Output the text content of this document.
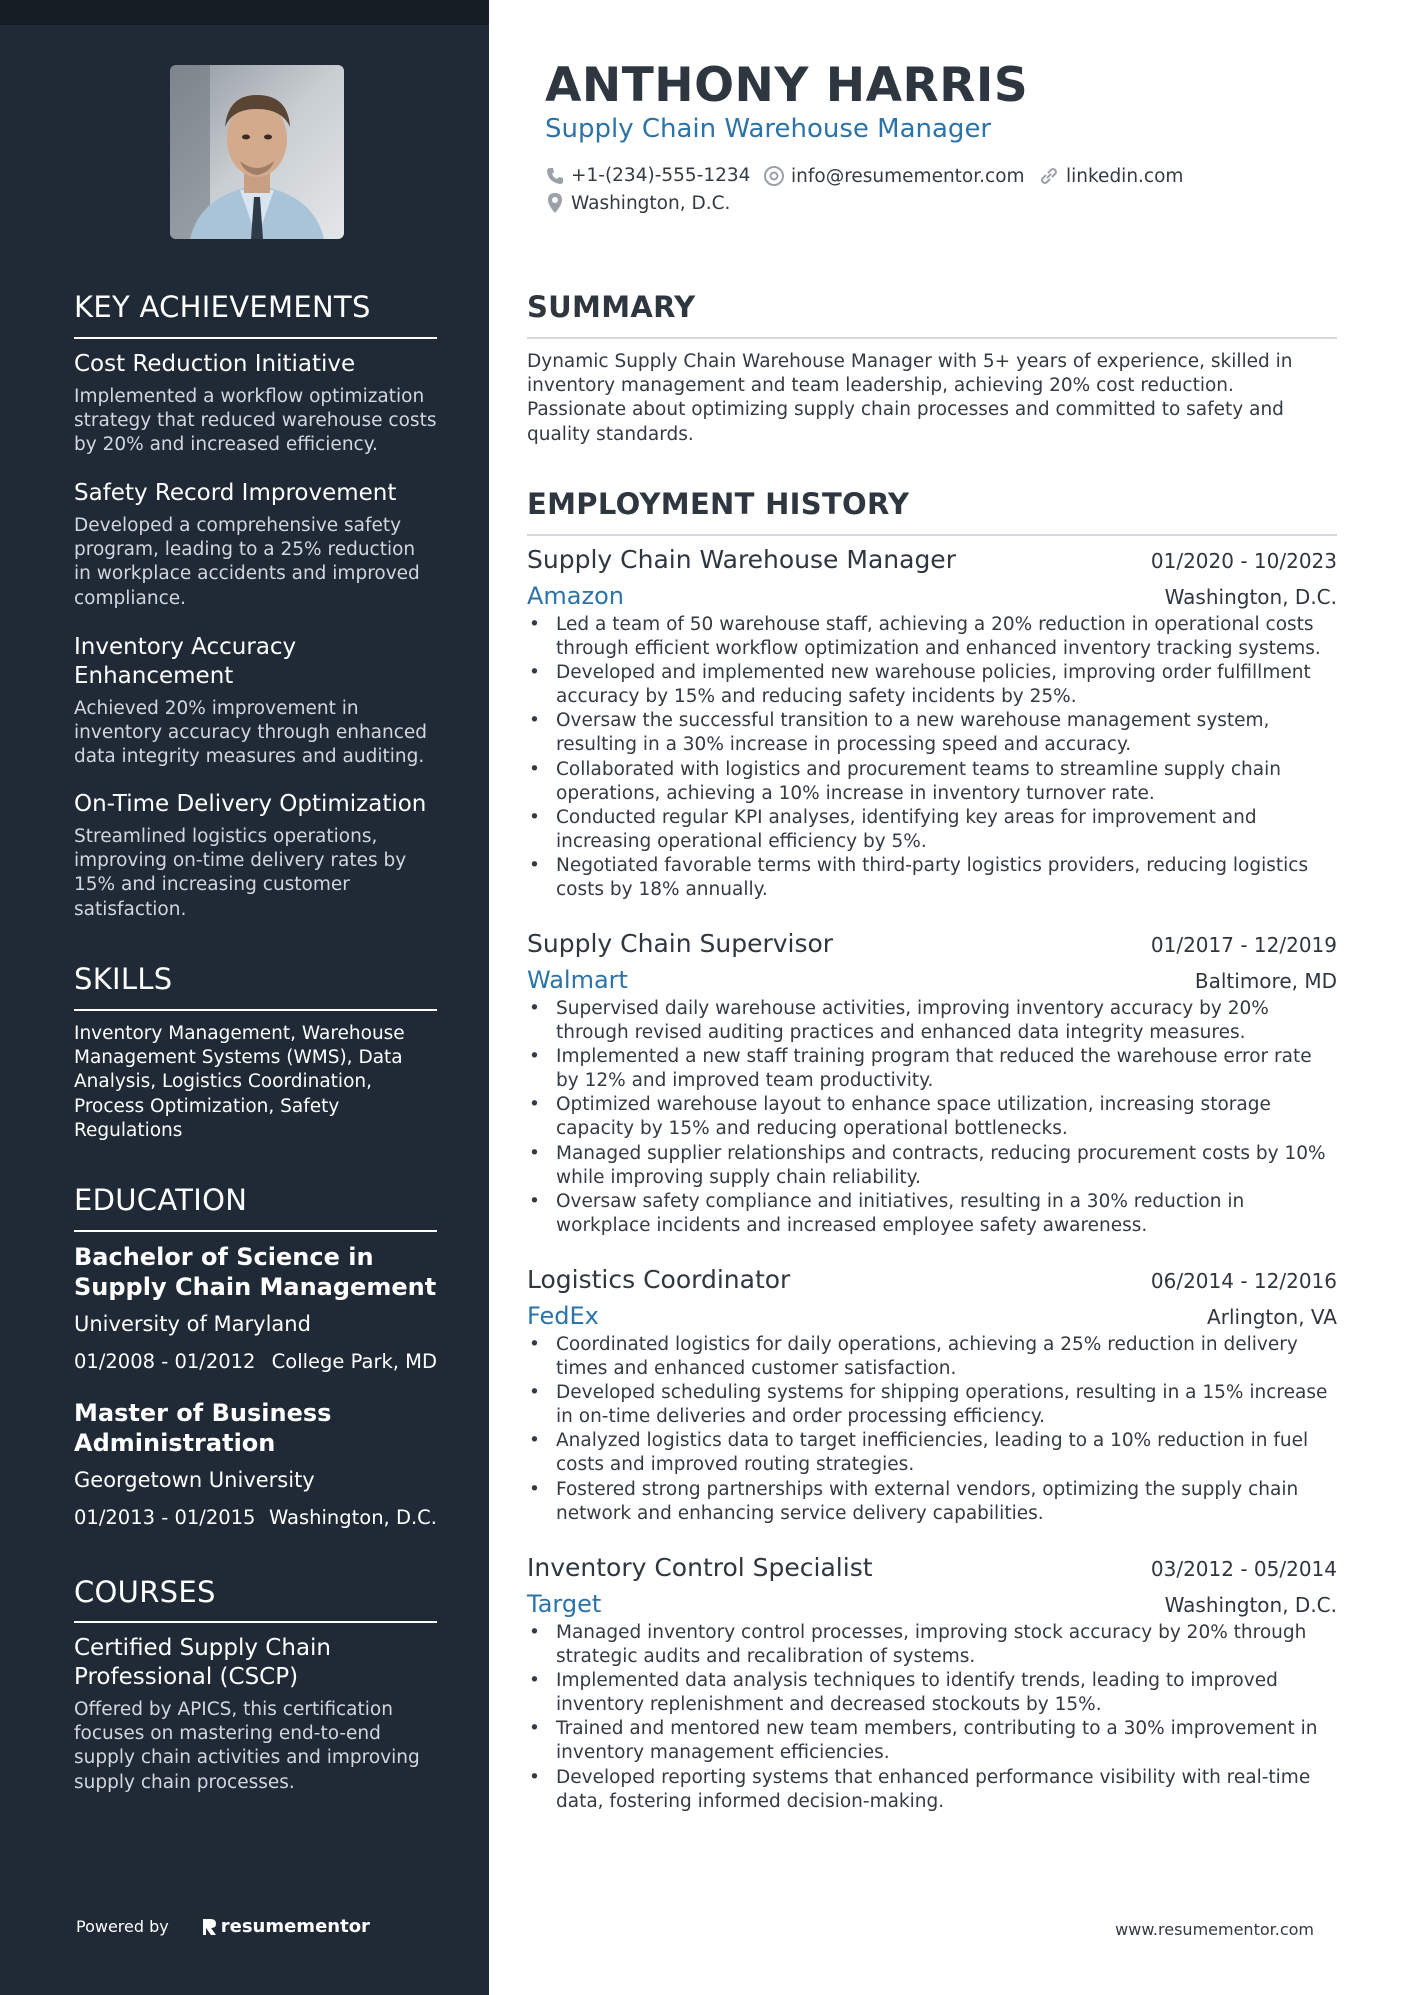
KEY ACHIEVEMENTS

Cost Reduction Initiative

Implemented a workflow optimization strategy that reduced warehouse costs by 20% and increased efficiency.

Safety Record Improvement

Developed a comprehensive safety program, leading to a 25% reduction in workplace accidents and improved compliance.

Inventory Accuracy Enhancement

Achieved 20% improvement in inventory accuracy through enhanced data integrity measures and auditing.

On-Time Delivery Optimization

Streamlined logistics operations, improving on-time delivery rates by 15% and increasing customer satisfaction.

SKILLS

Inventory Management, Warehouse Management Systems (WMS), Data Analysis, Logistics Coordination, Process Optimization, Safety Regulations

EDUCATION

Bachelor of Science in Supply Chain Management

University of Maryland

01/2008 - 01/2012 College Park, MD

Master of Business Administration

Georgetown University

01/2013 - 01/2015 Washington, D.C.
COURSES

Certified Supply Chain Professional (CSCP)

Offered by APICS, this certification focuses on mastering end-to-end supply chain activities and improving supply chain processes.

Powered by	resumementor
ANTHONY HARRIS

Supply Chain Warehouse Manager

+1-(234)-555-1234 info@resumementor.com linkedin.com
Washington, D.C.
SUMMARY

Dynamic Supply Chain Warehouse Manager with 5+ years of experience, skilled in inventory management and team leadership, achieving 20% cost reduction. Passionate about optimizing supply chain processes and committed to safety and quality standards.

EMPLOYMENT HISTORY
Supply Chain Warehouse Manager	01/2020 - 10/2023
Amazon	Washington, D.C.
• Led a team of 50 warehouse staff, achieving a 20% reduction in operational costs through efficient workflow optimization and enhanced inventory tracking systems.
• Developed and implemented new warehouse policies, improving order fulfillment accuracy by 15% and reducing safety incidents by 25%.
• Oversaw the successful transition to a new warehouse management system, resulting in a 30% increase in processing speed and accuracy.
• Collaborated with logistics and procurement teams to streamline supply chain operations, achieving a 10% increase in inventory turnover rate.
• Conducted regular KPI analyses, identifying key areas for improvement and increasing operational efficiency by 5%.
• Negotiated favorable terms with third-party logistics providers, reducing logistics costs by 18% annually.
Supply Chain Supervisor	01/2017 - 12/2019
Walmart	Baltimore, MD
• Supervised daily warehouse activities, improving inventory accuracy by 20% through revised auditing practices and enhanced data integrity measures.
• Implemented a new staff training program that reduced the warehouse error rate by 12% and improved team productivity.
• Optimized warehouse layout to enhance space utilization, increasing storage capacity by 15% and reducing operational bottlenecks.
• Managed supplier relationships and contracts, reducing procurement costs by 10% while improving supply chain reliability.
• Oversaw safety compliance and initiatives, resulting in a 30% reduction in workplace incidents and increased employee safety awareness.
Logistics Coordinator	06/2014 - 12/2016
FedEx	Arlington, VA
• Coordinated logistics for daily operations, achieving a 25% reduction in delivery times and enhanced customer satisfaction.
• Developed scheduling systems for shipping operations, resulting in a 15% increase in on-time deliveries and order processing efficiency.
• Analyzed logistics data to target inefficiencies, leading to a 10% reduction in fuel costs and improved routing strategies.
• Fostered strong partnerships with external vendors, optimizing the supply chain network and enhancing service delivery capabilities.
Inventory Control Specialist	03/2012 - 05/2014
Target	Washington, D.C.
• Managed inventory control processes, improving stock accuracy by 20% through strategic audits and recalibration of systems.
• Implemented data analysis techniques to identify trends, leading to improved inventory replenishment and decreased stockouts by 15%.
• Trained and mentored new team members, contributing to a 30% improvement in inventory management efficiencies.
• Developed reporting systems that enhanced performance visibility with real-time data, fostering informed decision-making.
www.resumementor.com
